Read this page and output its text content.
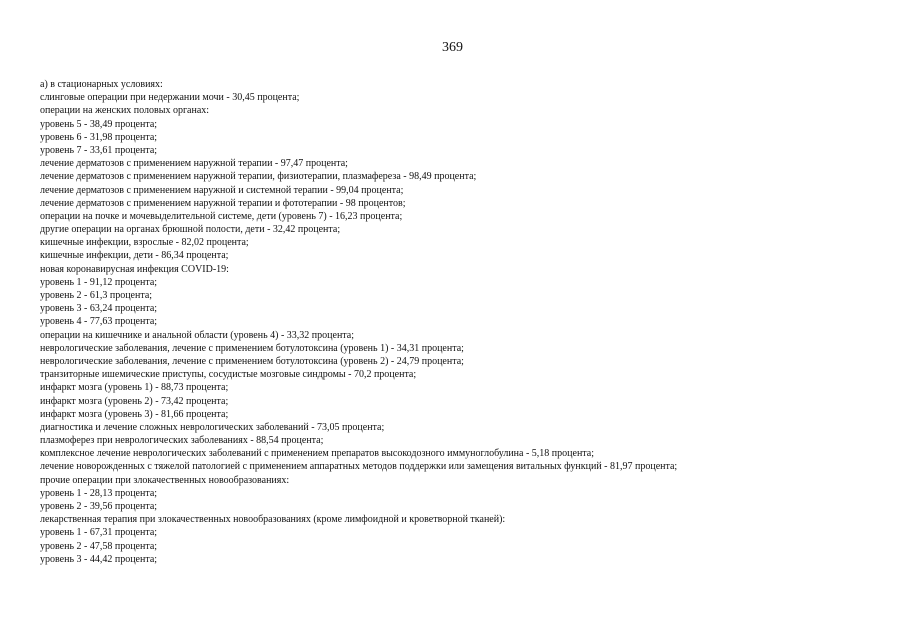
369
а) в стационарных условиях:
слинговые операции при недержании мочи - 30,45 процента;
операции на женских половых органах:
уровень 5 - 38,49 процента;
уровень 6 - 31,98 процента;
уровень 7 - 33,61 процента;
лечение дерматозов с применением наружной терапии - 97,47 процента;
лечение дерматозов с применением наружной терапии, физиотерапии, плазмафереза - 98,49 процента;
лечение дерматозов с применением наружной и системной терапии - 99,04 процента;
лечение дерматозов с применением наружной терапии и фототерапии - 98 процентов;
операции на почке и мочевыделительной системе, дети (уровень 7) - 16,23 процента;
другие операции на органах брюшной полости, дети - 32,42 процента;
кишечные инфекции, взрослые - 82,02 процента;
кишечные инфекции, дети - 86,34 процента;
новая коронавирусная инфекция COVID-19:
уровень 1 - 91,12 процента;
уровень 2 - 61,3 процента;
уровень 3 - 63,24 процента;
уровень 4 - 77,63 процента;
операции на кишечнике и анальной области (уровень 4) - 33,32 процента;
неврологические заболевания, лечение с применением ботулотоксина (уровень 1) - 34,31 процента;
неврологические заболевания, лечение с применением ботулотоксина (уровень 2) - 24,79 процента;
транзиторные ишемические приступы, сосудистые мозговые синдромы - 70,2 процента;
инфаркт мозга (уровень 1) - 88,73 процента;
инфаркт мозга (уровень 2) - 73,42 процента;
инфаркт мозга (уровень 3) - 81,66 процента;
диагностика и лечение сложных неврологических заболеваний - 73,05 процента;
плазмоферез при неврологических заболеваниях - 88,54 процента;
комплексное лечение неврологических заболеваний с применением препаратов высокодозного иммуноглобулина - 5,18 процента;
лечение новорожденных с тяжелой патологией с применением аппаратных методов поддержки или замещения витальных функций - 81,97 процента;
прочие операции при злокачественных новообразованиях:
уровень 1 - 28,13 процента;
уровень 2 - 39,56 процента;
лекарственная терапия при злокачественных новообразованиях (кроме лимфоидной и кроветворной тканей):
уровень 1 - 67,31 процента;
уровень 2 - 47,58 процента;
уровень 3 - 44,42 процента;
